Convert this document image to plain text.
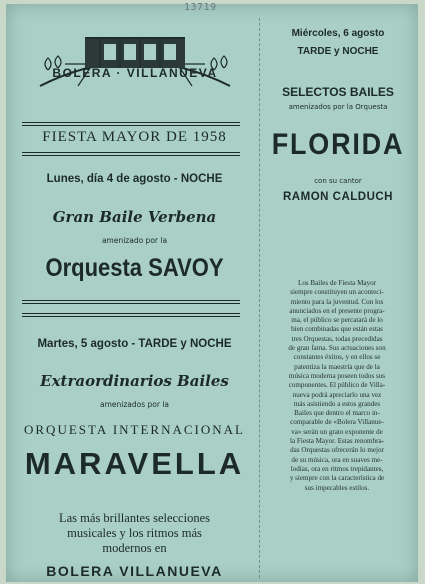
13719
BOLERA · VILLANUEVA
FIESTA MAYOR DE 1958
Lunes, día 4 de agosto - NOCHE
Gran Baile Verbena
amenizado por la
Orquesta SAVOY
Martes, 5 agosto - TARDE y NOCHE
Extraordinarios Bailes
amenizados por la
ORQUESTA INTERNACIONAL
MARAVELLA
Las más brillantes selecciones
musicales y los ritmos más
modernos en
BOLERA VILLANUEVA
Miércoles, 6 agosto
TARDE y NOCHE
SELECTOS BAILES
amenizados por la Orquesta
FLORIDA
con su cantor
RAMON CALDUCH
Los Bailes de Fiesta Mayor
siempre constituyen un aconteci-
miento para la juventud. Con los
anunciados en el presente progra-
ma, el público se percatará de lo
bien combinadas que están estas
tres Orquestas, todas precedidas
de gran fama. Sus actuaciones son
constantes éxitos, y en ellos se
patentiza la maestría que de la
música moderna poseen todos sus
componentes. El público de Villa-
nueva podrá apreciarlo una vez
más asistiendo a estos grandes
Bailes que dentro el marco in-
comparable de «Bolera Villanue-
va» serán un grato exponente de
la Fiesta Mayor. Estas renombra-
das Orquestas ofrecerán lo mejor
de su música, ora en suaves me-
lodías, ora en ritmos trepidantes,
y siempre con la característica de
sus impecables estilos.
